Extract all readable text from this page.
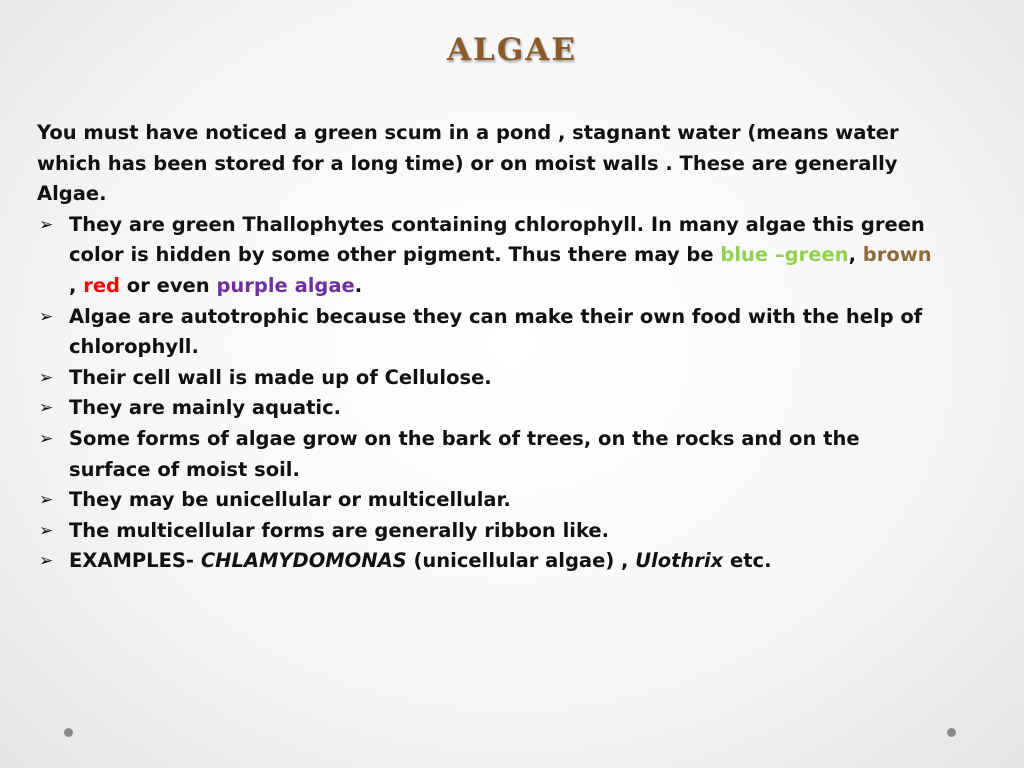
ALGAE

You must have noticed a green scum in a pond , stagnant water (means water which has been stored for a long time) or on moist walls . These are generally Algae.

➢ They are green Thallophytes containing chlorophyll. In many algae this green color is hidden by some other pigment. Thus there may be blue –green, brown , red or even purple algae.
➢ Algae are autotrophic because they can make their own food with the help of chlorophyll.
➢ Their cell wall is made up of Cellulose.
➢ They are mainly aquatic.
➢ Some forms of algae grow on the bark of trees, on the rocks and on the surface of moist soil.
➢ They may be unicellular or multicellular.
➢ The multicellular forms are generally ribbon like.
➢ EXAMPLES- CHLAMYDOMONAS (unicellular algae) , Ulothrix etc.
